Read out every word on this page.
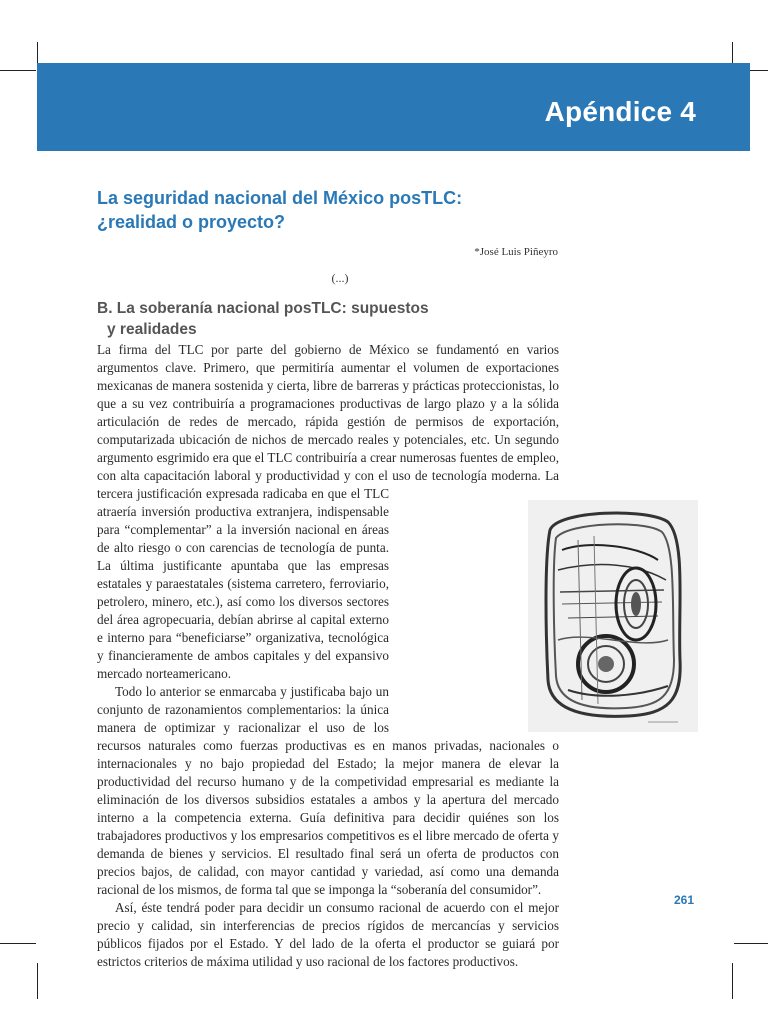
Apéndice 4
La seguridad nacional del México posTLC:
¿realidad o proyecto?
*José Luis Piñeyro
(...)
B. La soberanía nacional posTLC: supuestos
y realidades

La firma del TLC por parte del gobierno de México se fundamentó en varios argumentos clave. Primero, que permitiría aumentar el volumen de exportaciones mexicanas de manera sostenida y cierta, libre de barreras y prácticas proteccionistas, lo que a su vez contribuiría a programaciones productivas de largo plazo y a la sólida articulación de redes de mercado, rápida gestión de permisos de exportación, computarizada ubicación de nichos de mercado reales y potenciales, etc. Un segundo argumento esgrimido era que el TLC contribuiría a crear numerosas fuentes de empleo, con alta capacitación laboral y productividad y con el uso de tecnología moderna. La tercera justificación expresada radicaba en que el TLC atraería inversión productiva extranjera, indispensable para “complementar” a la inversión nacional en áreas de alto riesgo o con carencias de tecnología de punta. La última justificante apuntaba que las empresas estatales y paraestatales (sistema carretero, ferroviario, petrolero, minero, etc.), así como los diversos sectores del área agropecuaria, debían abrirse al capital externo e interno para “beneficiarse” organizativa, tecnológica y financieramente de ambos capitales y del expansivo mercado norteamericano.

Todo lo anterior se enmarcaba y justificaba bajo un conjunto de razonamientos complementarios: la única manera de optimizar y racionalizar el uso de los recursos naturales como fuerzas productivas es en manos privadas, nacionales o internacionales y no bajo propiedad del Estado; la mejor manera de elevar la productividad del recurso humano y de la competividad empresarial es mediante la eliminación de los diversos subsidios estatales a ambos y la apertura del mercado interno a la competencia externa. Guía definitiva para decidir quiénes son los trabajadores productivos y los empresarios competitivos es el libre mercado de oferta y demanda de bienes y servicios. El resultado final será un oferta de productos con precios bajos, de calidad, con mayor cantidad y variedad, así como una demanda racional de los mismos, de forma tal que se imponga la “soberanía del consumidor”.

Así, éste tendrá poder para decidir un consumo racional de acuerdo con el mejor precio y calidad, sin interferencias de precios rígidos de mercancías y servicios públicos fijados por el Estado. Y del lado de la oferta el productor se guiará por estrictos criterios de máxima utilidad y uso racional de los factores productivos.

261
